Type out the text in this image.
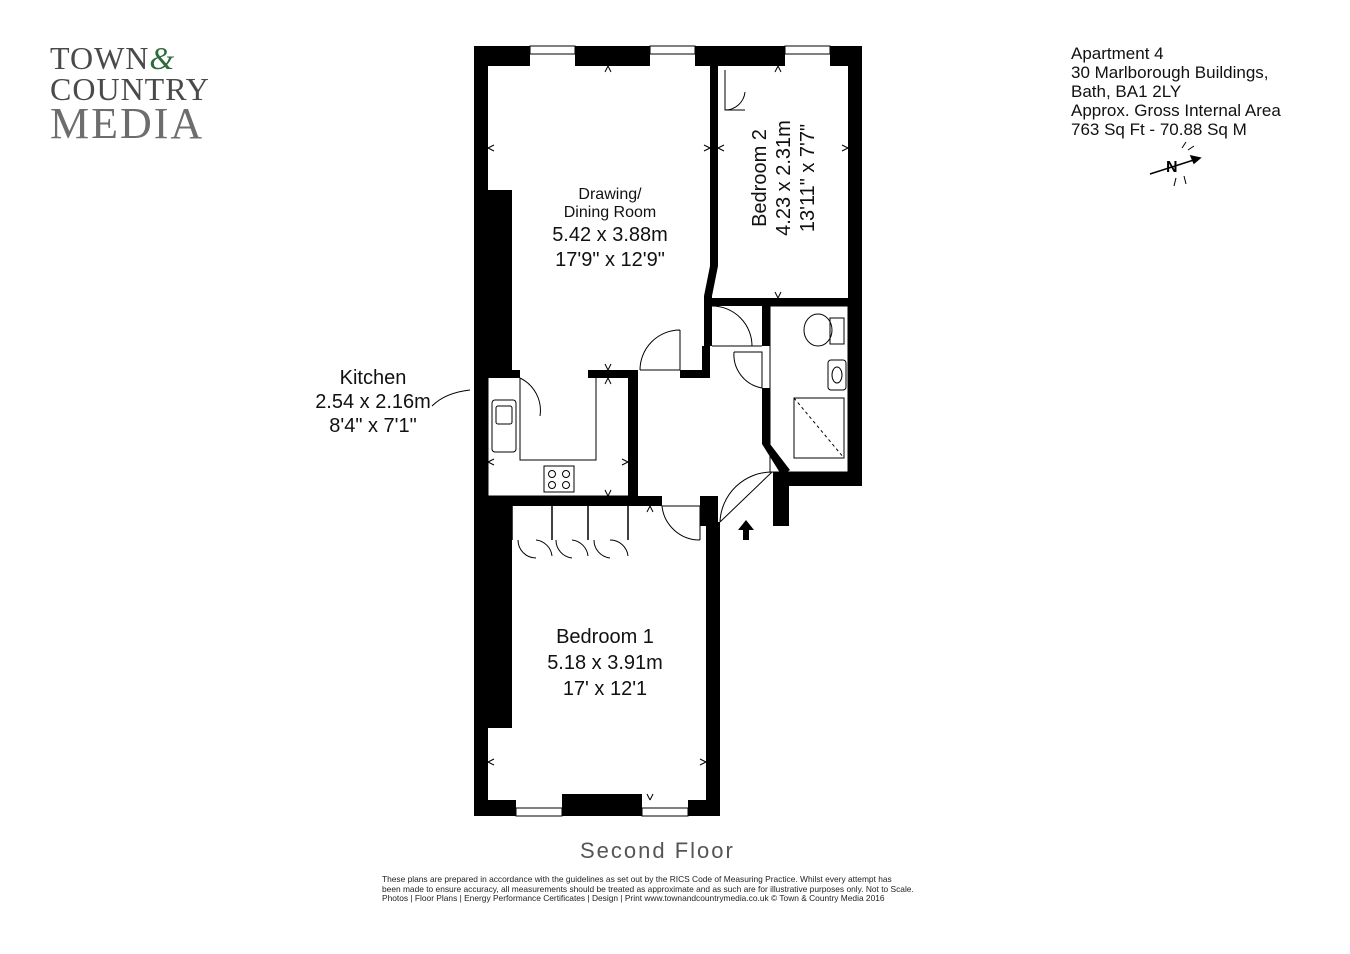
TOWN&
COUNTRY
MEDIA
Apartment 4
30 Marlborough Buildings,
Bath, BA1 2LY
Approx. Gross Internal Area
763 Sq Ft - 70.88 Sq M
N
Drawing/
Dining Room
5.42 x 3.88m
17'9" x 12'9"
Bedroom 2 4.23 x 2.31m 13'11" x 7'7"
Kitchen
2.54 x 2.16m
8'4" x 7'1"
Bedroom 1
5.18 x 3.91m
17' x 12'1
Second Floor
These plans are prepared in accordance with the guidelines as set out by the RICS Code of Measuring Practice. Whilst every attempt has
been made to ensure accuracy, all measurements should be treated as approximate and as such are for illustrative purposes only. Not to Scale.
Photos | Floor Plans | Energy Performance Certificates | Design | Print www.townandcountrymedia.co.uk © Town & Country Media 2016
